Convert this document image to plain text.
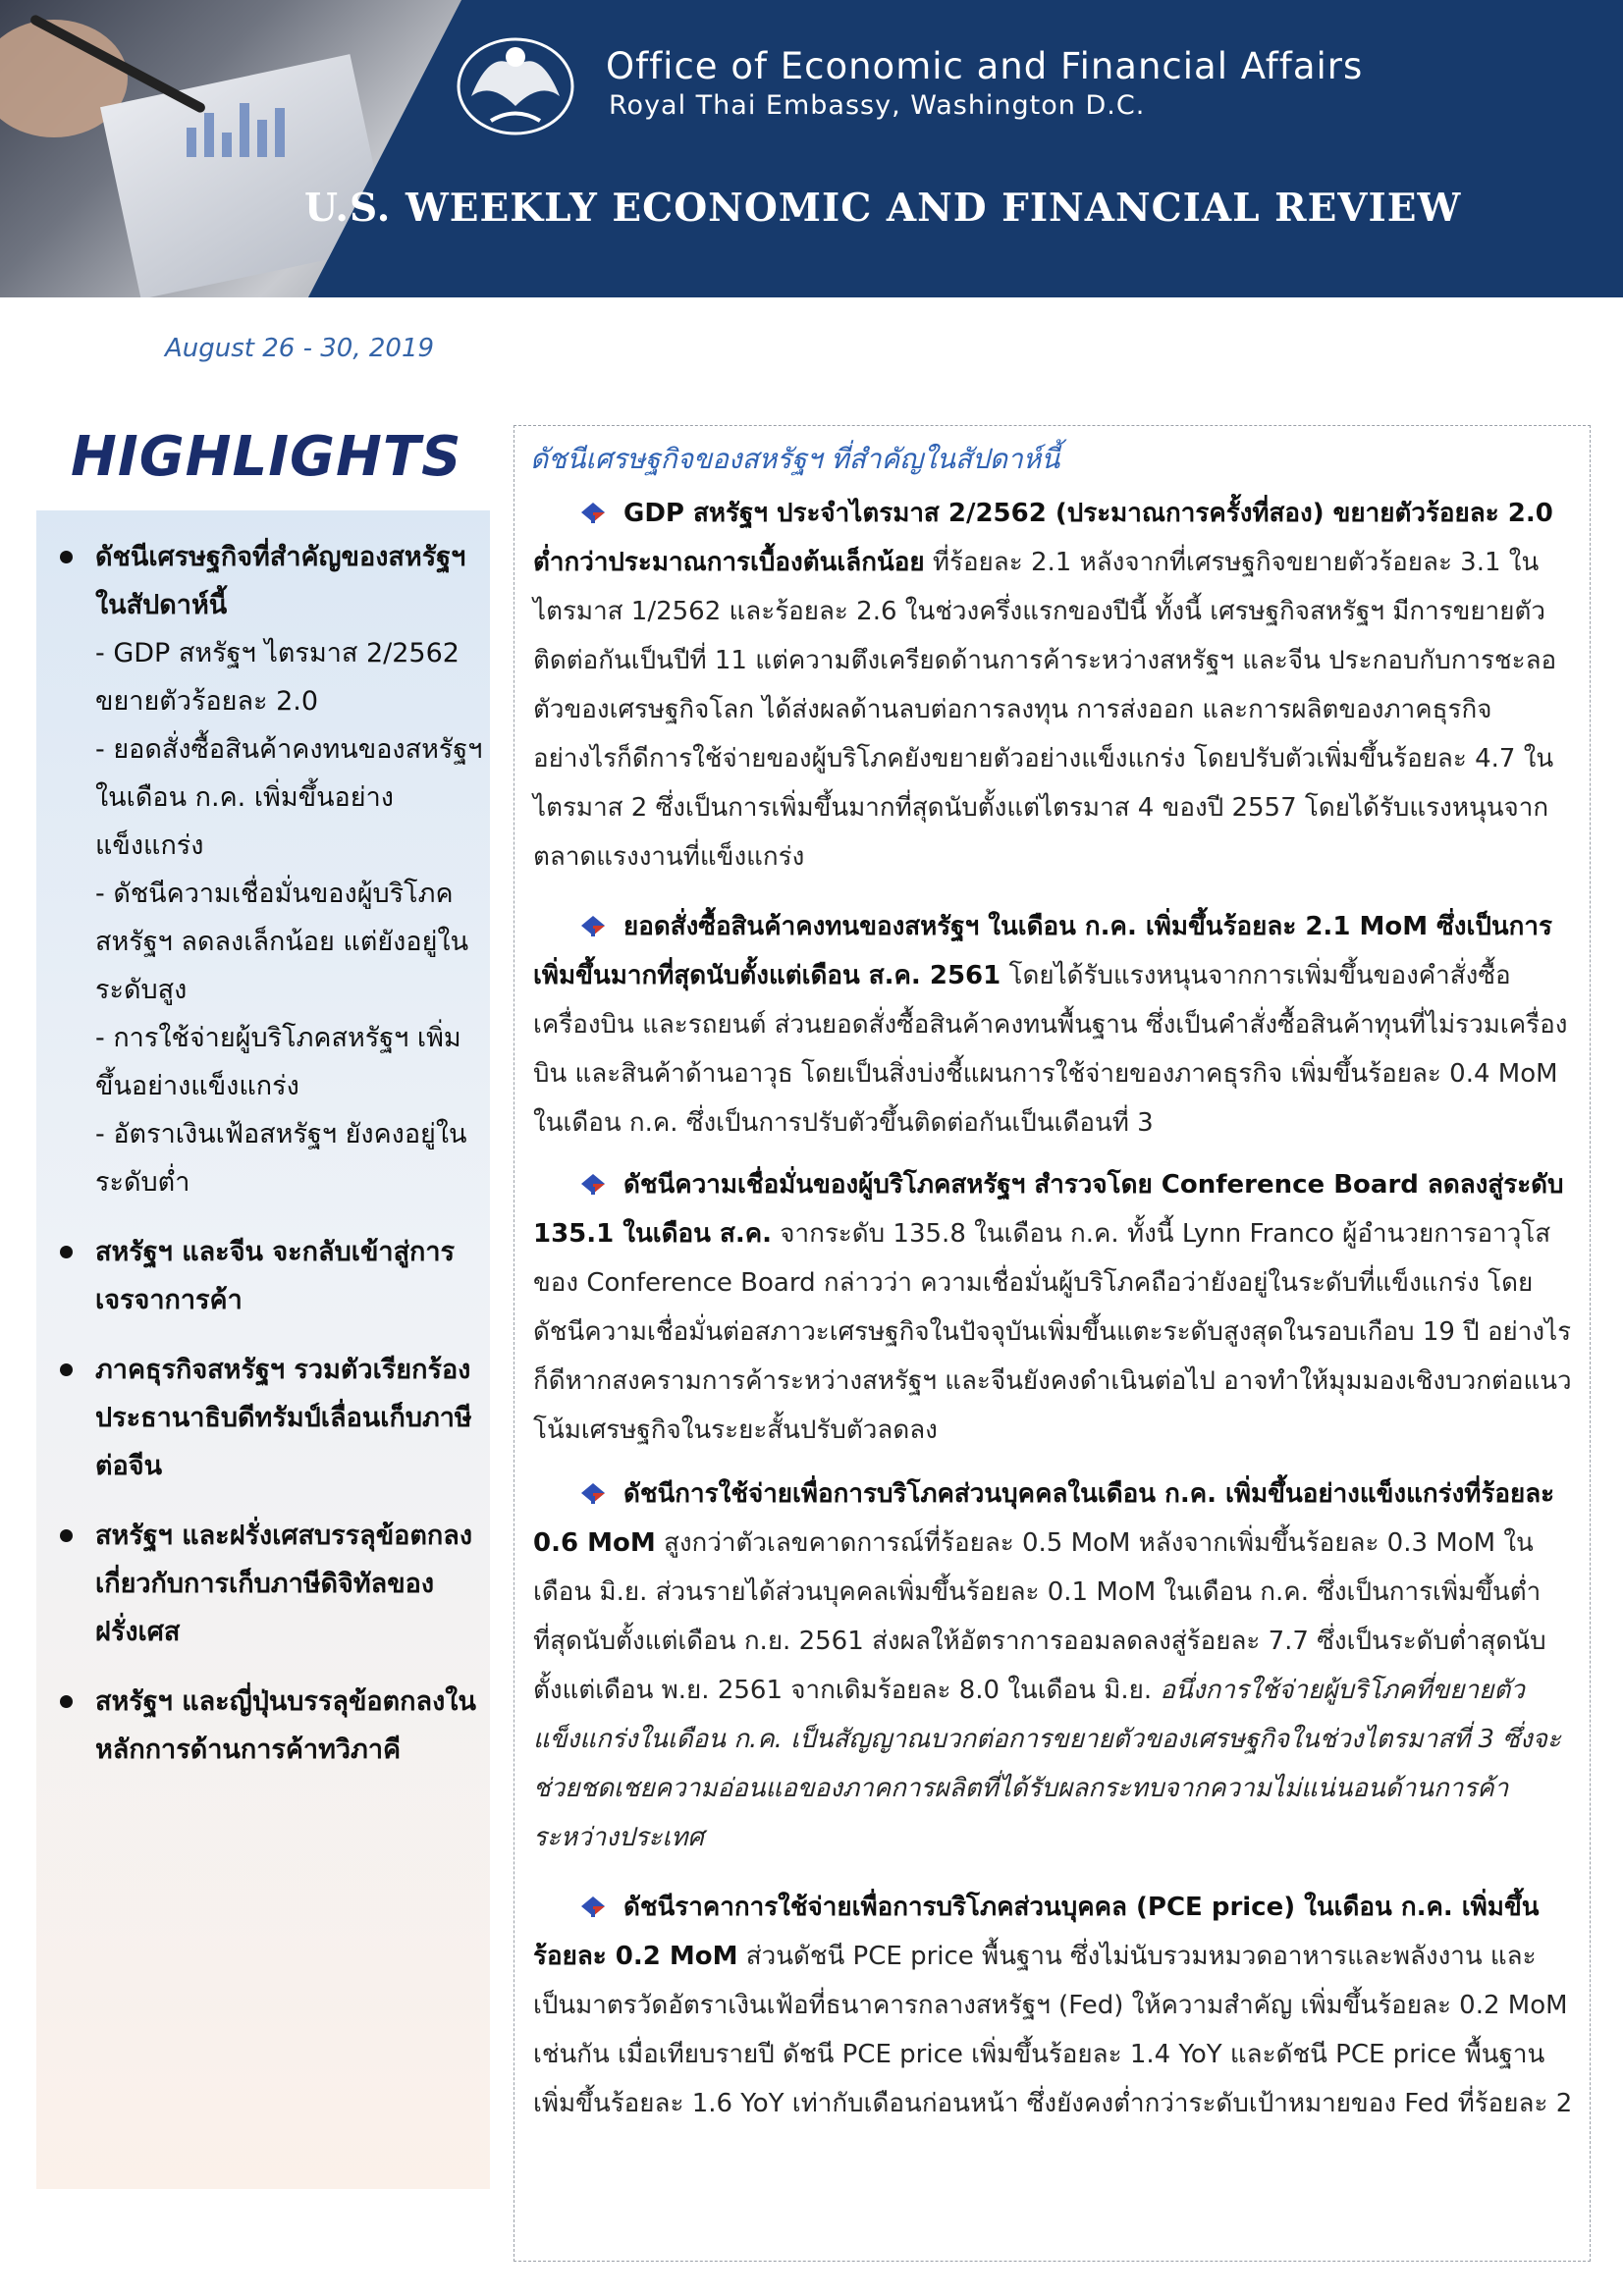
Office of Economic and Financial Affairs
Royal Thai Embassy, Washington D.C.
U.S. WEEKLY ECONOMIC AND FINANCIAL REVIEW
August 26 - 30, 2019
HIGHLIGHTS
ดัชนีเศรษฐกิจที่สำคัญของสหรัฐฯ ในสัปดาห์นี้
- GDP สหรัฐฯ ไตรมาส 2/2562 ขยายตัวร้อยละ 2.0
- ยอดสั่งซื้อสินค้าคงทนของสหรัฐฯ ในเดือน ก.ค. เพิ่มขึ้นอย่างแข็งแกร่ง
- ดัชนีความเชื่อมั่นของผู้บริโภคสหรัฐฯ ลดลงเล็กน้อย แต่ยังอยู่ในระดับสูง
- การใช้จ่ายผู้บริโภคสหรัฐฯ เพิ่มขึ้นอย่างแข็งแกร่ง
- อัตราเงินเฟ้อสหรัฐฯ ยังคงอยู่ในระดับต่ำ
สหรัฐฯ และจีน จะกลับเข้าสู่การเจรจาการค้า
ภาคธุรกิจสหรัฐฯ รวมตัวเรียกร้องประธานาธิบดีทรัมป์เลื่อนเก็บภาษีต่อจีน
สหรัฐฯ และฝรั่งเศสบรรลุข้อตกลงเกี่ยวกับการเก็บภาษีดิจิทัลของฝรั่งเศส
สหรัฐฯ และญี่ปุ่นบรรลุข้อตกลงในหลักการด้านการค้าทวิภาคี
ดัชนีเศรษฐกิจของสหรัฐฯ ที่สำคัญในสัปดาห์นี้

GDP สหรัฐฯ ประจำไตรมาส 2/2562 (ประมาณการครั้งที่สอง) ขยายตัวร้อยละ 2.0 ต่ำกว่าประมาณการเบื้องต้นเล็กน้อย ที่ร้อยละ 2.1 หลังจากที่เศรษฐกิจขยายตัวร้อยละ 3.1 ในไตรมาส 1/2562 และร้อยละ 2.6 ในช่วงครึ่งแรกของปีนี้ ทั้งนี้ เศรษฐกิจสหรัฐฯ มีการขยายตัวติดต่อกันเป็นปีที่ 11 แต่ความตึงเครียดด้านการค้าระหว่างสหรัฐฯ และจีน ประกอบกับการชะลอตัวของเศรษฐกิจโลก ได้ส่งผลด้านลบต่อการลงทุน การส่งออก และการผลิตของภาคธุรกิจ อย่างไรก็ดีการใช้จ่ายของผู้บริโภคยังขยายตัวอย่างแข็งแกร่ง โดยปรับตัวเพิ่มขึ้นร้อยละ 4.7 ในไตรมาส 2 ซึ่งเป็นการเพิ่มขึ้นมากที่สุดนับตั้งแต่ไตรมาส 4 ของปี 2557 โดยได้รับแรงหนุนจากตลาดแรงงานที่แข็งแกร่ง

ยอดสั่งซื้อสินค้าคงทนของสหรัฐฯ ในเดือน ก.ค. เพิ่มขึ้นร้อยละ 2.1 MoM ซึ่งเป็นการเพิ่มขึ้นมากที่สุดนับตั้งแต่เดือน ส.ค. 2561 โดยได้รับแรงหนุนจากการเพิ่มขึ้นของคำสั่งซื้อเครื่องบิน และรถยนต์ ส่วนยอดสั่งซื้อสินค้าคงทนพื้นฐาน ซึ่งเป็นคำสั่งซื้อสินค้าทุนที่ไม่รวมเครื่องบิน และสินค้าด้านอาวุธ โดยเป็นสิ่งบ่งชี้แผนการใช้จ่ายของภาคธุรกิจ เพิ่มขึ้นร้อยละ 0.4 MoM ในเดือน ก.ค. ซึ่งเป็นการปรับตัวขึ้นติดต่อกันเป็นเดือนที่ 3

ดัชนีความเชื่อมั่นของผู้บริโภคสหรัฐฯ สำรวจโดย Conference Board ลดลงสู่ระดับ 135.1 ในเดือน ส.ค. จากระดับ 135.8 ในเดือน ก.ค. ทั้งนี้ Lynn Franco ผู้อำนวยการอาวุโสของ Conference Board กล่าวว่า ความเชื่อมั่นผู้บริโภคถือว่ายังอยู่ในระดับที่แข็งแกร่ง โดยดัชนีความเชื่อมั่นต่อสภาวะเศรษฐกิจในปัจจุบันเพิ่มขึ้นแตะระดับสูงสุดในรอบเกือบ 19 ปี อย่างไรก็ดีหากสงครามการค้าระหว่างสหรัฐฯ และจีนยังคงดำเนินต่อไป อาจทำให้มุมมองเชิงบวกต่อแนวโน้มเศรษฐกิจในระยะสั้นปรับตัวลดลง

ดัชนีการใช้จ่ายเพื่อการบริโภคส่วนบุคคลในเดือน ก.ค. เพิ่มขึ้นอย่างแข็งแกร่งที่ร้อยละ 0.6 MoM สูงกว่าตัวเลขคาดการณ์ที่ร้อยละ 0.5 MoM หลังจากเพิ่มขึ้นร้อยละ 0.3 MoM ในเดือน มิ.ย. ส่วนรายได้ส่วนบุคคลเพิ่มขึ้นร้อยละ 0.1 MoM ในเดือน ก.ค. ซึ่งเป็นการเพิ่มขึ้นต่ำที่สุดนับตั้งแต่เดือน ก.ย. 2561 ส่งผลให้อัตราการออมลดลงสู่ร้อยละ 7.7 ซึ่งเป็นระดับต่ำสุดนับตั้งแต่เดือน พ.ย. 2561 จากเดิมร้อยละ 8.0 ในเดือน มิ.ย. อนึ่งการใช้จ่ายผู้บริโภคที่ขยายตัวแข็งแกร่งในเดือน ก.ค. เป็นสัญญาณบวกต่อการขยายตัวของเศรษฐกิจในช่วงไตรมาสที่ 3 ซึ่งจะช่วยชดเชยความอ่อนแอของภาคการผลิตที่ได้รับผลกระทบจากความไม่แน่นอนด้านการค้าระหว่างประเทศ

ดัชนีราคาการใช้จ่ายเพื่อการบริโภคส่วนบุคคล (PCE price) ในเดือน ก.ค. เพิ่มขึ้นร้อยละ 0.2 MoM ส่วนดัชนี PCE price พื้นฐาน ซึ่งไม่นับรวมหมวดอาหารและพลังงาน และเป็นมาตรวัดอัตราเงินเฟ้อที่ธนาคารกลางสหรัฐฯ (Fed) ให้ความสำคัญ เพิ่มขึ้นร้อยละ 0.2 MoM เช่นกัน เมื่อเทียบรายปี ดัชนี PCE price เพิ่มขึ้นร้อยละ 1.4 YoY และดัชนี PCE price พื้นฐาน เพิ่มขึ้นร้อยละ 1.6 YoY เท่ากับเดือนก่อนหน้า ซึ่งยังคงต่ำกว่าระดับเป้าหมายของ Fed ที่ร้อยละ 2
